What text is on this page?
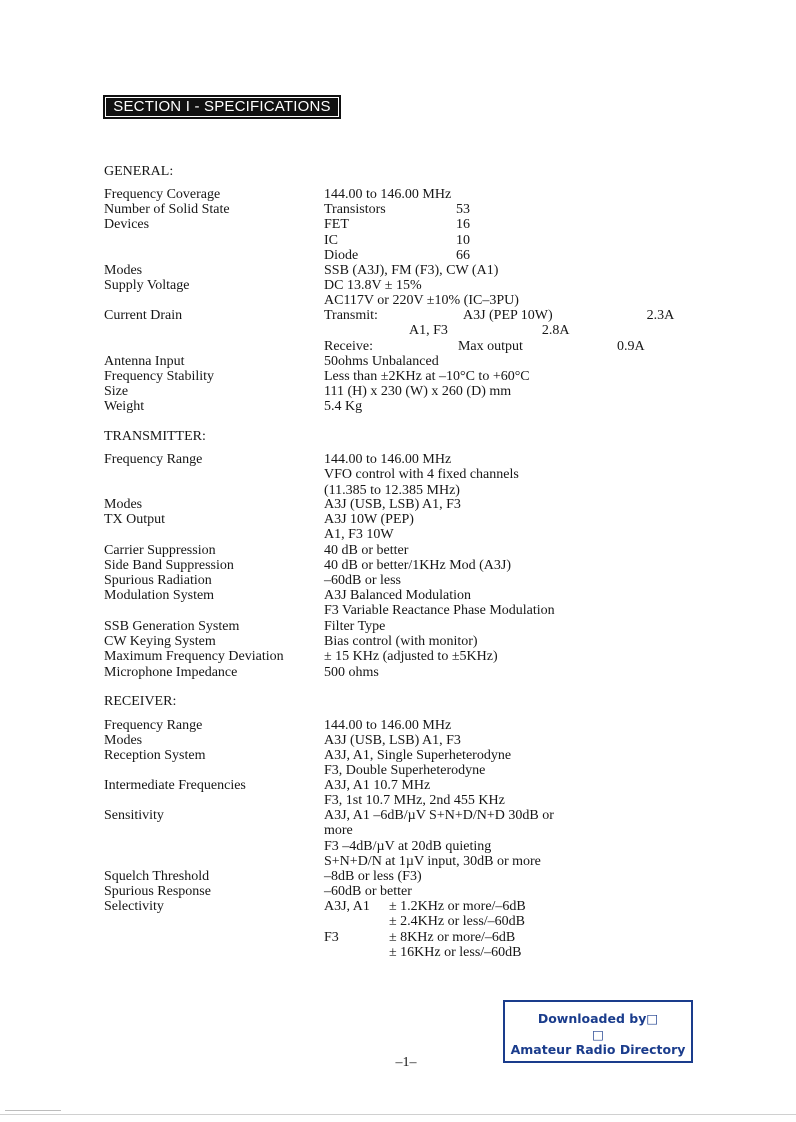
SECTION I - SPECIFICATIONS
GENERAL:
Frequency Coverage	144.00 to 146.00 MHz
Number of Solid State
Devices
Transistors	53
FET	16
IC	10
Diode	66
Modes	SSB (A3J), FM (F3), CW (A1)
Supply Voltage	DC 13.8V ± 15%
AC117V or 220V ±10% (IC–3PU)
Current Drain	Transmit:	A3J (PEP 10W)	2.3A
A1, F3	2.8A
Receive:	Max output	0.9A
Antenna Input	50ohms Unbalanced
Frequency Stability	Less than ±2KHz at –10°C to +60°C
Size	111 (H) x 230 (W) x 260 (D) mm
Weight	5.4 Kg
TRANSMITTER:
Frequency Range	144.00 to 146.00 MHz
VFO control with 4 fixed channels
(11.385 to 12.385 MHz)
Modes	A3J (USB, LSB) A1, F3
TX Output	A3J 10W (PEP)
A1, F3 10W
Carrier Suppression	40 dB or better
Side Band Suppression	40 dB or better/1KHz Mod (A3J)
Spurious Radiation	–60dB or less
Modulation System	A3J Balanced Modulation
F3 Variable Reactance Phase Modulation
SSB Generation System	Filter Type
CW Keying System	Bias control (with monitor)
Maximum Frequency Deviation	± 15 KHz (adjusted to ±5KHz)
Microphone Impedance	500 ohms
RECEIVER:
Frequency Range	144.00 to 146.00 MHz
Modes	A3J (USB, LSB) A1, F3
Reception System	A3J, A1, Single Superheterodyne
F3, Double Superheterodyne
Intermediate Frequencies	A3J, A1 10.7 MHz
F3, 1st 10.7 MHz, 2nd 455 KHz
Sensitivity	A3J, A1 –6dB/µV S+N+D/N+D 30dB or
more
F3 –4dB/µV at 20dB quieting
S+N+D/N at 1µV input, 30dB or more
Squelch Threshold	–8dB or less (F3)
Spurious Response	–60dB or better
Selectivity	A3J, A1 ± 1.2KHz or more/–6dB
± 2.4KHz or less/–60dB
F3	± 8KHz or more/–6dB
± 16KHz or less/–60dB
Downloaded by□
□
Amateur Radio Directory
–1–
